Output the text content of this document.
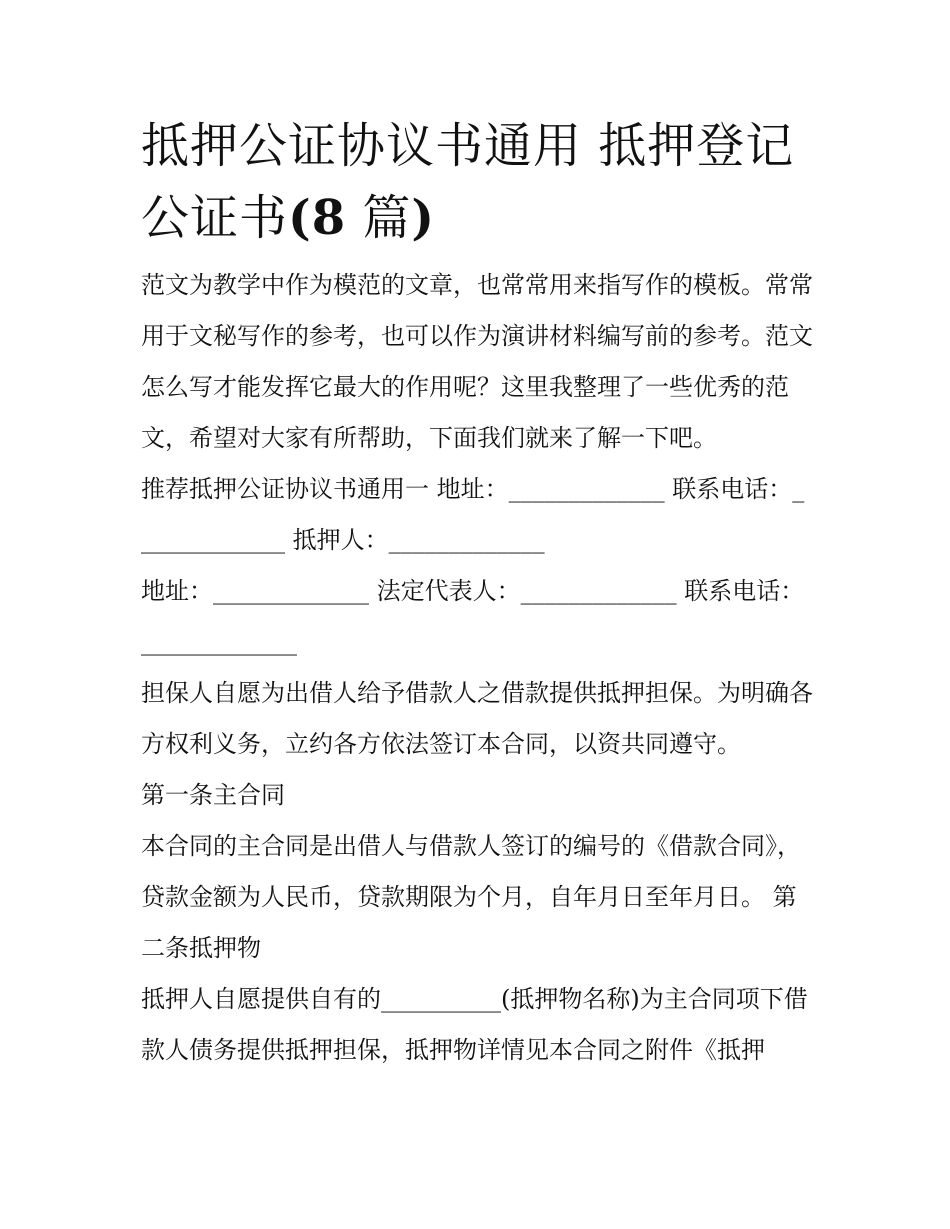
抵押公证协议书通用 抵押登记公证书(8 篇)

范文为教学中作为模范的文章，也常常用来指写作的模板。常常用于文秘写作的参考，也可以作为演讲材料编写前的参考。范文怎么写才能发挥它最大的作用呢？这里我整理了一些优秀的范文，希望对大家有所帮助，下面我们就来了解一下吧。

推荐抵押公证协议书通用一 地址：_____________ 联系电话：_____________ 抵押人：_____________

地址：_____________ 法定代表人：_____________ 联系电话：_____________

担保人自愿为出借人给予借款人之借款提供抵押担保。为明确各方权利义务，立约各方依法签订本合同，以资共同遵守。

第一条主合同

本合同的主合同是出借人与借款人签订的编号的《借款合同》，贷款金额为人民币，贷款期限为个月，自年月日至年月日。 第二条抵押物

抵押人自愿提供自有的__________(抵押物名称)为主合同项下借款人债务提供抵押担保，抵押物详情见本合同之附件《抵押
